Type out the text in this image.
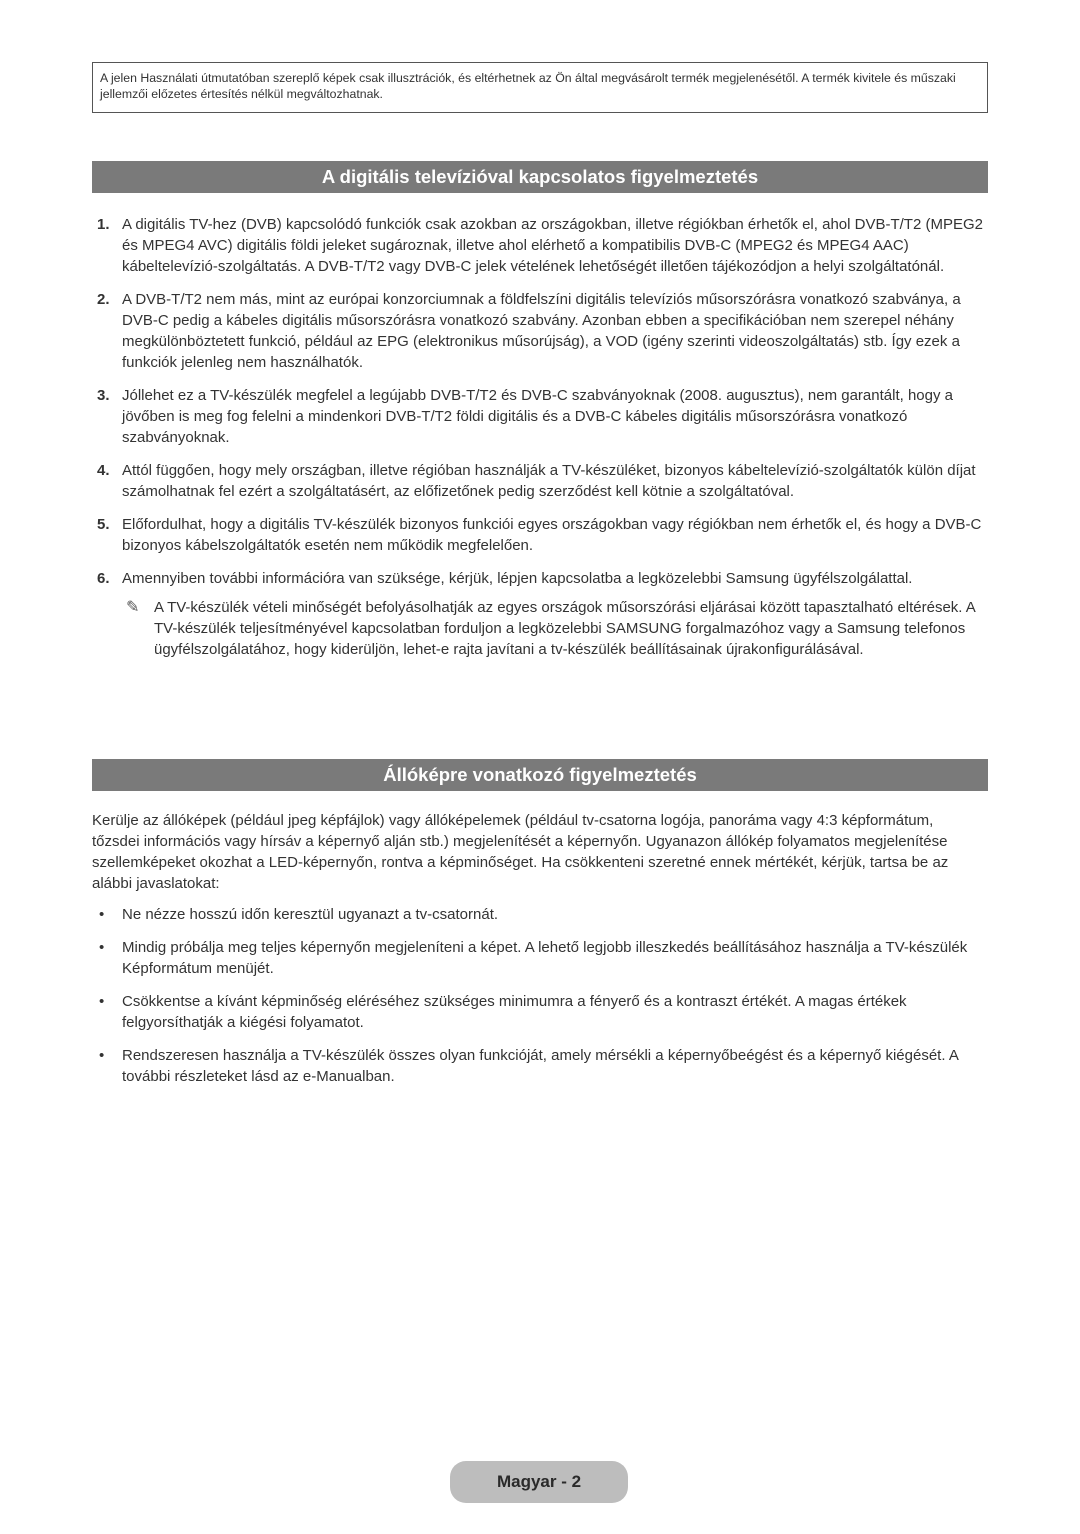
A jelen Használati útmutatóban szereplő képek csak illusztrációk, és eltérhetnek az Ön által megvásárolt termék megjelenésétől. A termék kivitele és műszaki jellemzői előzetes értesítés nélkül megváltozhatnak.
A digitális televízióval kapcsolatos figyelmeztetés
1. A digitális TV-hez (DVB) kapcsolódó funkciók csak azokban az országokban, illetve régiókban érhetők el, ahol DVB-T/T2 (MPEG2 és MPEG4 AVC) digitális földi jeleket sugároznak, illetve ahol elérhető a kompatibilis DVB-C (MPEG2 és MPEG4 AAC) kábeltelevízió-szolgáltatás. A DVB-T/T2 vagy DVB-C jelek vételének lehetőségét illetően tájékozódjon a helyi szolgáltatónál.
2. A DVB-T/T2 nem más, mint az európai konzorciumnak a földfelszíni digitális televíziós műsorszórásra vonatkozó szabványa, a DVB-C pedig a kábeles digitális műsorszórásra vonatkozó szabvány. Azonban ebben a specifikációban nem szerepel néhány megkülönböztetett funkció, például az EPG (elektronikus műsorújság), a VOD (igény szerinti videoszolgáltatás) stb. Így ezek a funkciók jelenleg nem használhatók.
3. Jóllehet ez a TV-készülék megfelel a legújabb DVB-T/T2 és DVB-C szabványoknak (2008. augusztus), nem garantált, hogy a jövőben is meg fog felelni a mindenkori DVB-T/T2 földi digitális és a DVB-C kábeles digitális műsorszórásra vonatkozó szabványoknak.
4. Attól függően, hogy mely országban, illetve régióban használják a TV-készüléket, bizonyos kábeltelevízió-szolgáltatók külön díjat számolhatnak fel ezért a szolgáltatásért, az előfizetőnek pedig szerződést kell kötnie a szolgáltatóval.
5. Előfordulhat, hogy a digitális TV-készülék bizonyos funkciói egyes országokban vagy régiókban nem érhetők el, és hogy a DVB-C bizonyos kábelszolgáltatók esetén nem működik megfelelően.
6. Amennyiben további információra van szüksége, kérjük, lépjen kapcsolatba a legközelebbi Samsung ügyfélszolgálattal.
✎ A TV-készülék vételi minőségét befolyásolhatják az egyes országok műsorszórási eljárásai között tapasztalható eltérések. A TV-készülék teljesítményével kapcsolatban forduljon a legközelebbi SAMSUNG forgalmazóhoz vagy a Samsung telefonos ügyfélszolgálatához, hogy kiderüljön, lehet-e rajta javítani a tv-készülék beállításainak újrakonfigurálásával.
Állóképre vonatkozó figyelmeztetés

Kerülje az állóképek (például jpeg képfájlok) vagy állóképelemek (például tv-csatorna logója, panoráma vagy 4:3 képformátum, tőzsdei információs vagy hírsáv a képernyő alján stb.) megjelenítését a képernyőn. Ugyanazon állókép folyamatos megjelenítése szellemképeket okozhat a LED-képernyőn, rontva a képminőséget. Ha csökkenteni szeretné ennek mértékét, kérjük, tartsa be az alábbi javaslatokat:

• Ne nézze hosszú időn keresztül ugyanazt a tv-csatornát.
• Mindig próbálja meg teljes képernyőn megjeleníteni a képet. A lehető legjobb illeszkedés beállításához használja a TV-készülék Képformátum menüjét.
• Csökkentse a kívánt képminőség eléréséhez szükséges minimumra a fényerő és a kontraszt értékét. A magas értékek felgyorsíthatják a kiégési folyamatot.
• Rendszeresen használja a TV-készülék összes olyan funkcióját, amely mérsékli a képernyőbeégést és a képernyő kiégését. A további részleteket lásd az e-Manualban.
Magyar - 2
